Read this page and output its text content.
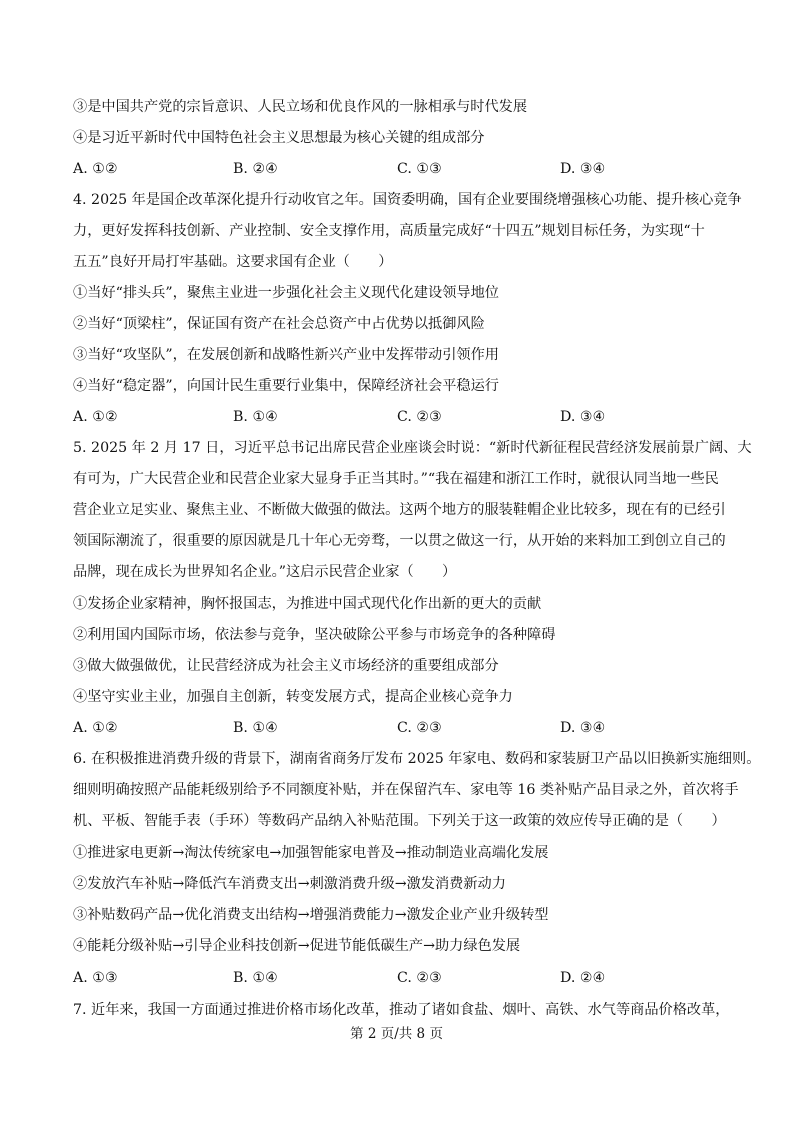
③是中国共产党的宗旨意识、人民立场和优良作风的一脉相承与时代发展
④是习近平新时代中国特色社会主义思想最为核心关键的组成部分
A. ①②	B. ②④	C. ①③	D. ③④
4. 2025 年是国企改革深化提升行动收官之年。国资委明确，国有企业要围绕增强核心功能、提升核心竞争
力，更好发挥科技创新、产业控制、安全支撑作用，高质量完成好“十四五”规划目标任务，为实现“十
五五”良好开局打牢基础。这要求国有企业（　　）
①当好“排头兵”，聚焦主业进一步强化社会主义现代化建设领导地位
②当好“顶梁柱”，保证国有资产在社会总资产中占优势以抵御风险
③当好“攻坚队”，在发展创新和战略性新兴产业中发挥带动引领作用
④当好“稳定器”，向国计民生重要行业集中，保障经济社会平稳运行
A. ①②	B. ①④	C. ②③	D. ③④
5. 2025 年 2 月 17 日，习近平总书记出席民营企业座谈会时说：“新时代新征程民营经济发展前景广阔、大
有可为，广大民营企业和民营企业家大显身手正当其时。”“我在福建和浙江工作时，就很认同当地一些民
营企业立足实业、聚焦主业、不断做大做强的做法。这两个地方的服装鞋帽企业比较多，现在有的已经引
领国际潮流了，很重要的原因就是几十年心无旁骛，一以贯之做这一行，从开始的来料加工到创立自己的
品牌，现在成长为世界知名企业。”这启示民营企业家（　　）
①发扬企业家精神，胸怀报国志，为推进中国式现代化作出新的更大的贡献
②利用国内国际市场，依法参与竞争，坚决破除公平参与市场竞争的各种障碍
③做大做强做优，让民营经济成为社会主义市场经济的重要组成部分
④坚守实业主业，加强自主创新，转变发展方式，提高企业核心竞争力
A. ①②	B. ①④	C. ②③	D. ③④
6. 在积极推进消费升级的背景下，湖南省商务厅发布 2025 年家电、数码和家装厨卫产品以旧换新实施细则。
细则明确按照产品能耗级别给予不同额度补贴，并在保留汽车、家电等 16 类补贴产品目录之外，首次将手
机、平板、智能手表（手环）等数码产品纳入补贴范围。下列关于这一政策的效应传导正确的是（　　）
①推进家电更新→淘汰传统家电→加强智能家电普及→推动制造业高端化发展
②发放汽车补贴→降低汽车消费支出→刺激消费升级→激发消费新动力
③补贴数码产品→优化消费支出结构→增强消费能力→激发企业产业升级转型
④能耗分级补贴→引导企业科技创新→促进节能低碳生产→助力绿色发展
A. ①③	B. ①④	C. ②③	D. ②④
7. 近年来，我国一方面通过推进价格市场化改革，推动了诸如食盐、烟叶、高铁、水气等商品价格改革，
第 2 页/共 8 页
